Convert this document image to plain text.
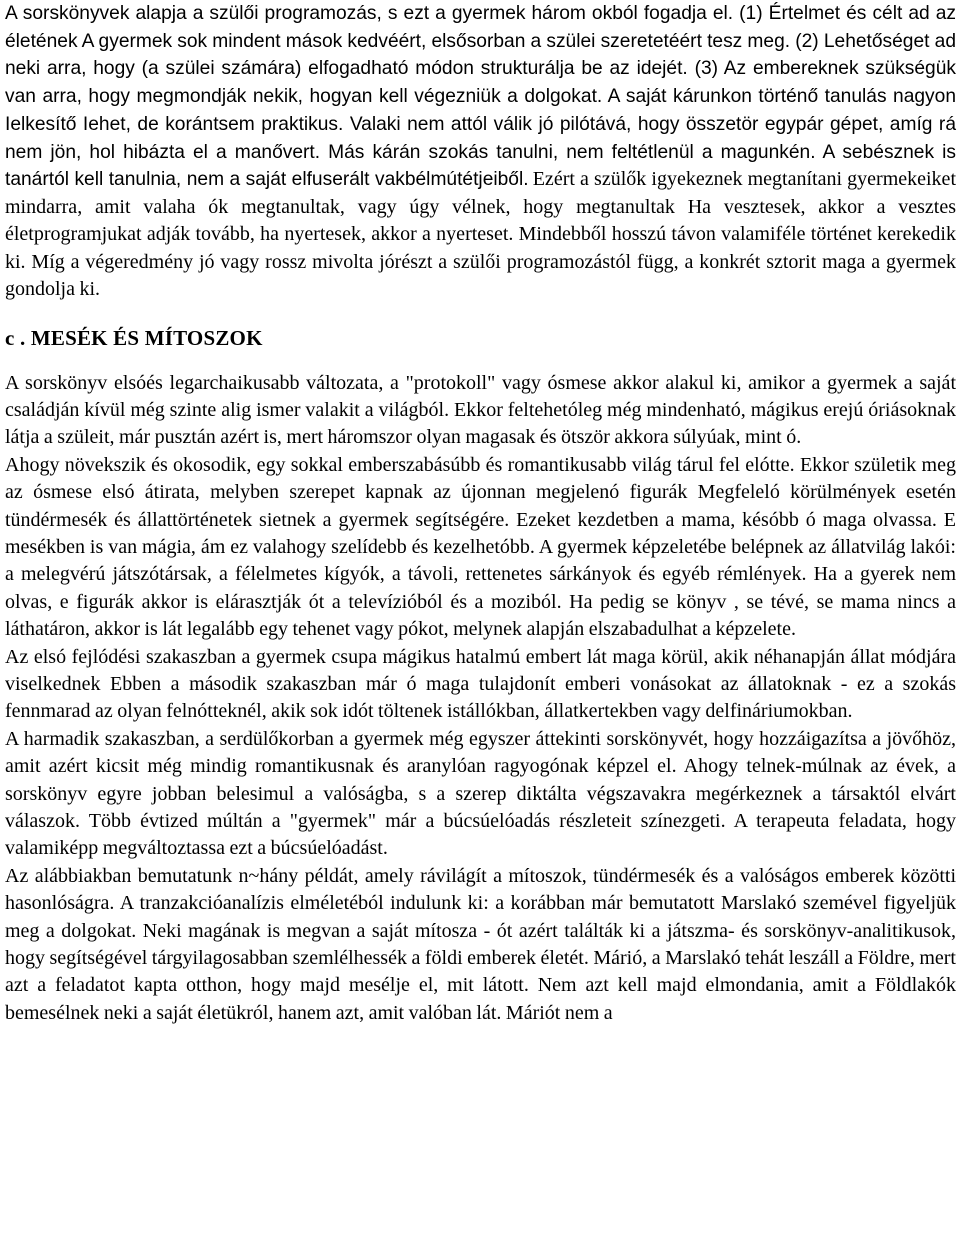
A sorskönyvek alapja a szülői programozás, s ezt a gyermek három okból fogadja el. (1) Értelmet és célt ad az életének A gyermek sok mindent mások kedvéért, elsősorban a szülei szeretetéért tesz meg. (2) Lehetőséget ad neki arra, hogy (a szülei számára) elfogadható módon strukturálja be az idejét. (3) Az embereknek szükségük van arra, hogy megmondják nekik, hogyan kell végezniük a dolgokat. A saját kárunkon történő tanulás nagyon Ielkesítő Iehet, de korántsem praktikus. Valaki nem attól válik jó pilótává, hogy összetör egypár gépet, amíg rá nem jön, hol hibázta el a manővert. Más kárán szokás tanulni, nem feltétlenül a magunkén. A sebésznek is tanártól kell tanulnia, nem a saját elfuserált vakbélmútétjeiből. Ezért a szülők igyekeznek megtanítani gyermekeiket mindarra, amit valaha ók megtanultak, vagy úgy vélnek, hogy megtanultak Ha vesztesek, akkor a vesztes életprogramjukat adják tovább, ha nyertesek, akkor a nyerteset. Mindebből hosszú távon valamiféle történet kerekedik ki. Míg a végeredmény jó vagy rossz mivolta jórészt a szülői programozástól függ, a konkrét sztorit maga a gyermek gondolja ki.

c . MESÉK ÉS MÍTOSZOK

A sorskönyv elsóés legarchaikusabb változata, a "protokoll" vagy ósmese akkor alakul ki, amikor a gyermek a saját családján kívül még szinte alig ismer valakit a világból. Ekkor feltehetóleg még mindenható, mágikus erejú óriásoknak látja a szüleit, már pusztán azért is, mert háromszor olyan magasak és ötször akkora súlyúak, mint ó.

Ahogy növekszik és okosodik, egy sokkal emberszabásúbb és romantikusabb világ tárul fel elótte. Ekkor születik meg az ósmese elsó átirata, melyben szerepet kapnak az újonnan megjelenó figurák Megfeleló körülmények esetén tündérmesék és állattörténetek sietnek a gyermek segítségére. Ezeket kezdetben a mama, késóbb ó maga olvassa. E mesékben is van mágia, ám ez valahogy szelídebb és kezelhetóbb. A gyermek képzeletébe belépnek az állatvilág lakói: a melegvérú játszótársak, a félelmetes kígyók, a távoli, rettenetes sárkányok és egyéb rémlények. Ha a gyerek nem olvas, e figurák akkor is elárasztják ót a televízióból és a moziból. Ha pedig se könyv , se tévé, se mama nincs a láthatáron, akkor is lát legalább egy tehenet vagy pókot, melynek alapján elszabadulhat a képzelete.

Az elsó fejlódési szakaszban a gyermek csupa mágikus hatalmú embert lát maga körül, akik néhanapján állat módjára viselkednek Ebben a második szakaszban már ó maga tulajdonít emberi vonásokat az állatoknak - ez a szokás fennmarad az olyan felnótteknél, akik sok idót töltenek istállókban, állatkertekben vagy delfináriumokban.

A harmadik szakaszban, a serdülőkorban a gyermek még egyszer áttekinti sorskönyvét, hogy hozzáigazítsa a jövőhöz, amit azért kicsit még mindig romantikusnak és aranylóan ragyogónak képzel el. Ahogy telnek-múlnak az évek, a sorskönyv egyre jobban belesimul a valóságba, s a szerep diktálta végszavakra megérkeznek a társaktól elvárt válaszok. Több évtized múltán a "gyermek" már a búcsúelóadás részleteit színezgeti. A terapeuta feladata, hogy valamiképp megváltoztassa ezt a búcsúelóadást.

Az alábbiakban bemutatunk n~hány példát, amely rávilágít a mítoszok, tündérmesék és a valóságos emberek közötti hasonlóságra. A tranzakcióanalízis elméletéból indulunk ki: a korábban már bemutatott Marslakó szemével figyeljük meg a dolgokat. Neki magának is megvan a saját mítosza - ót azért találták ki a játszma- és sorskönyv-analitikusok, hogy segítségével tárgyilagosabban szemlélhessék a földi emberek életét. Márió, a Marslakó tehát leszáll a Földre, mert azt a feladatot kapta otthon, hogy majd mesélje el, mit látott. Nem azt kell majd elmondania, amit a Földlakók bemesélnek neki a saját életükról, hanem azt, amit valóban lát. Máriót nem a
